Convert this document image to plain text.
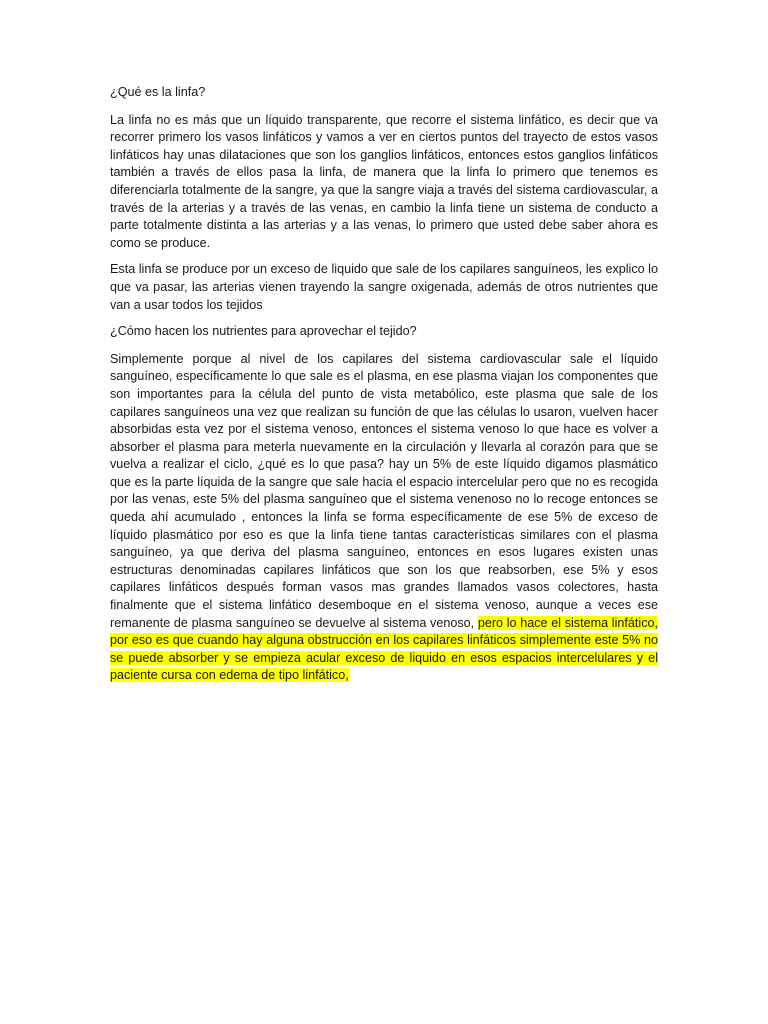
¿Qué es la linfa?

La linfa no es más que un líquido transparente, que recorre el sistema linfático, es decir que va recorrer primero los vasos linfáticos y vamos a ver en ciertos puntos del trayecto de estos vasos linfáticos hay unas dilataciones que son los ganglios linfáticos, entonces estos ganglios linfáticos también a través de ellos pasa la linfa, de manera que la linfa lo primero que tenemos es diferenciarla totalmente de la sangre, ya que la sangre viaja a través del sistema cardiovascular, a través de la arterias y a través de las venas, en cambio la linfa tiene un sistema de conducto a parte totalmente distinta a las arterias y a las venas, lo primero que usted debe saber ahora es como se produce.

Esta linfa se produce por un exceso de liquido que sale de los capilares sanguíneos, les explico lo que va pasar, las arterias vienen trayendo la sangre oxigenada, además de otros nutrientes que van a usar todos los tejidos

¿Cómo hacen los nutrientes para aprovechar el tejido?

Simplemente porque al nivel de los capilares del sistema cardiovascular sale el líquido sanguíneo, específicamente lo que sale es el plasma, en ese plasma viajan los componentes que son importantes para la célula del punto de vista metabólico, este plasma que sale de los capilares sanguíneos una vez que realizan su función de que las células lo usaron, vuelven hacer absorbidas esta vez por el sistema venoso, entonces el sistema venoso lo que hace es volver a absorber el plasma para meterla nuevamente en la circulación y llevarla al corazón para que se vuelva a realizar el ciclo, ¿qué es lo que pasa? hay un 5% de este líquido digamos plasmático que es la parte líquida de la sangre que sale hacia el espacio intercelular pero que no es recogida por las venas, este 5% del plasma sanguíneo que el sistema venenoso no lo recoge entonces se queda ahí acumulado , entonces la linfa se forma específicamente de ese 5% de exceso de líquido plasmático por eso es que la linfa tiene tantas características similares con el plasma sanguíneo, ya que deriva del plasma sanguíneo, entonces en esos lugares existen unas estructuras denominadas capilares linfáticos que son los que reabsorben, ese 5% y esos capilares linfáticos después forman vasos mas grandes llamados vasos colectores, hasta finalmente que el sistema linfático desemboque en el sistema venoso, aunque a veces ese remanente de plasma sanguíneo se devuelve al sistema venoso, pero lo hace el sistema linfático, por eso es que cuando hay alguna obstrucción en los capilares linfáticos simplemente este 5% no se puede absorber y se empieza acular exceso de liquido en esos espacios intercelulares y el paciente cursa con edema de tipo linfático,
